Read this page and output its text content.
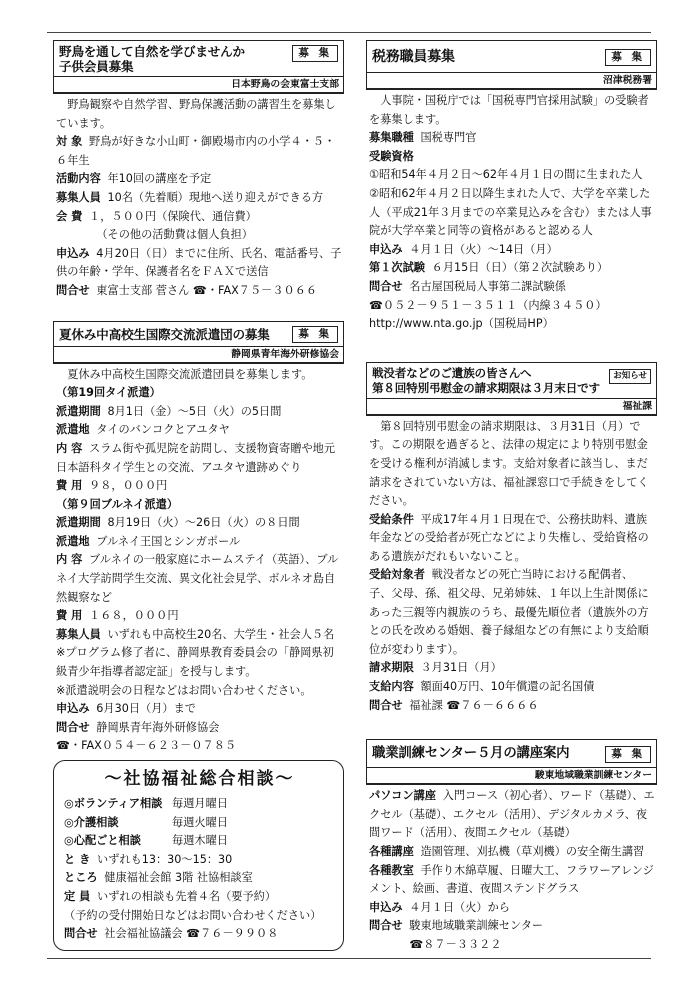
野鳥を通して自然を学びませんか
子供会員募集
募 集
日本野鳥の会東富士支部

野鳥観察や自然学習、野鳥保護活動の講習生を募集しています。

対 象 野鳥が好きな小山町・御殿場市内の小学４・５・６年生

活動内容 年10回の講座を予定

募集人員 10名（先着順）現地へ送り迎えができる方

会 費 １，５００円（保険代、通信費）

（その他の活動費は個人負担）

申込み 4月20日（日）までに住所、氏名、電話番号、子供の年齢・学年、保護者名をＦＡＸで送信

問合せ 東富士支部 菅さん ☎・FAX７５－３０６６

夏休み中高校生国際交流派遣団の募集	募 集
静岡県青年海外研修協会

夏休み中高校生国際交流派遣団員を募集します。

（第19回タイ派遣）

派遣期間 8月1日（金）～5日（火）の5日間

派遣地 タイのバンコクとアユタヤ

内 容 スラム街や孤児院を訪問し、支援物資寄贈や地元日本語科タイ学生との交流、アユタヤ遺跡めぐり

費 用 ９８，０００円

（第９回ブルネイ派遣）

派遣期間 8月19日（火）～26日（火）の８日間

派遣地 ブルネイ王国とシンガポール

内 容 ブルネイの一般家庭にホームステイ（英語）、ブルネイ大学訪問学生交流、異文化社会見学、ボルネオ島自然観察など

費 用 １６８，０００円

募集人員 いずれも中高校生20名、大学生・社会人５名

※プログラム修了者に、静岡県教育委員会の「静岡県初級青少年指導者認定証」を授与します。

※派遣説明会の日程などはお問い合わせください。

申込み 6月30日（月）まで

問合せ 静岡県青年海外研修協会

☎・FAX０５４－６２３－０７８５

～社協福祉総合相談～

◎ボランティア相談 毎週月曜日

◎介護相談	毎週火曜日

◎心配ごと相談	毎週木曜日

と き いずれも13：30～15：30

ところ 健康福祉会館 3階 社協相談室

定 員 いずれの相談も先着４名（要予約）

（予約の受付開始日などはお問い合わせください）

問合せ 社会福祉協議会 ☎７６－９９０８

税務職員募集	募 集
沼津税務署

人事院・国税庁では「国税専門官採用試験」の受験者を募集します。

募集職種 国税専門官

受験資格

①昭和54年４月２日～62年４月１日の間に生まれた人

②昭和62年４月２日以降生まれた人で、大学を卒業した人（平成21年３月までの卒業見込みを含む）または人事院が大学卒業と同等の資格があると認める人

申込み ４月１日（火）～14日（月）

第１次試験 ６月15日（日）（第２次試験あり）

問合せ 名古屋国税局人事第二課試験係

☎０５２－９５１－３５１１（内線３４５０）

http://www.nta.go.jp（国税局HP）

戦没者などのご遺族の皆さんへ
第８回特別弔慰金の請求期限は３月末日です
お知らせ
福祉課

第８回特別弔慰金の請求期限は、３月31日（月）です。この期限を過ぎると、法律の規定により特別弔慰金を受ける権利が消滅します。支給対象者に該当し、まだ請求をされていない方は、福祉課窓口で手続きをしてください。

受給条件 平成17年４月１日現在で、公務扶助料、遺族年金などの受給者が死亡などにより失権し、受給資格のある遺族がだれもいないこと。

受給対象者 戦没者などの死亡当時における配偶者、子、父母、孫、祖父母、兄弟姉妹、１年以上生計関係にあった三親等内親族のうち、最優先順位者（遺族外の方との氏を改める婚姻、養子縁組などの有無により支給順位が変わります）。

請求期限 ３月31日（月）

支給内容 額面40万円、10年償還の記名国債

問合せ 福祉課 ☎７６－６６６６

職業訓練センター５月の講座案内	募 集
駿東地域職業訓練センター

パソコン講座 入門コース（初心者）、ワード（基礎）、エクセル（基礎）、エクセル（活用）、デジタルカメラ、夜間ワード（活用）、夜間エクセル（基礎）

各種講座 造園管理、刈払機（草刈機）の安全衛生講習

各種教室 手作り木綿草履、日曜大工、フラワーアレンジメント、絵画、書道、夜間ステンドグラス

申込み ４月１日（火）から

問合せ 駿東地域職業訓練センター

☎８７－３３２２
